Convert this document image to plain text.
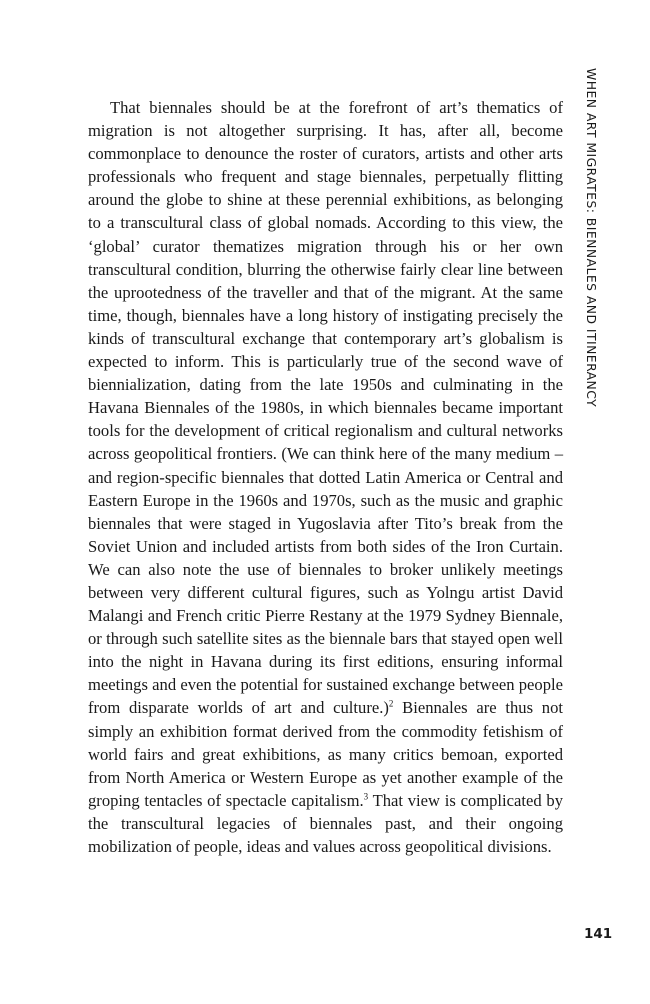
WHEN ART MIGRATES: BIENNALES AND ITINERANCY

That biennales should be at the forefront of art’s thematics of migration is not altogether surprising. It has, after all, become commonplace to denounce the roster of curators, artists and other arts professionals who frequent and stage biennales, perpetually flitting around the globe to shine at these perennial exhibitions, as belonging to a transcultural class of global nomads. According to this view, the ‘global’ curator thematizes migration through his or her own transcultural condition, blurring the otherwise fairly clear line between the uprootedness of the traveller and that of the migrant. At the same time, though, biennales have a long history of instigating precisely the kinds of transcultural exchange that contemporary art’s globalism is expected to inform. This is particularly true of the second wave of biennialization, dating from the late 1950s and culminating in the Havana Biennales of the 1980s, in which biennales became important tools for the development of critical regionalism and cultural networks across geopolitical frontiers. (We can think here of the many medium – and region-specific biennales that dotted Latin America or Central and Eastern Europe in the 1960s and 1970s, such as the music and graphic biennales that were staged in Yugoslavia after Tito’s break from the Soviet Union and included artists from both sides of the Iron Curtain. We can also note the use of biennales to broker unlikely meetings between very different cultural figures, such as Yolngu artist David Malangi and French critic Pierre Restany at the 1979 Sydney Biennale, or through such satellite sites as the biennale bars that stayed open well into the night in Havana during its first editions, ensuring informal meetings and even the potential for sustained exchange between people from disparate worlds of art and culture.)$^2$ Biennales are thus not simply an exhibition format derived from the commodity fetishism of world fairs and great exhibitions, as many critics bemoan, exported from North America or Western Europe as yet another example of the groping tentacles of spectacle capitalism.$^3$ That view is complicated by the transcultural legacies of biennales past, and their ongoing mobilization of people, ideas and values across geopolitical divisions.

141
